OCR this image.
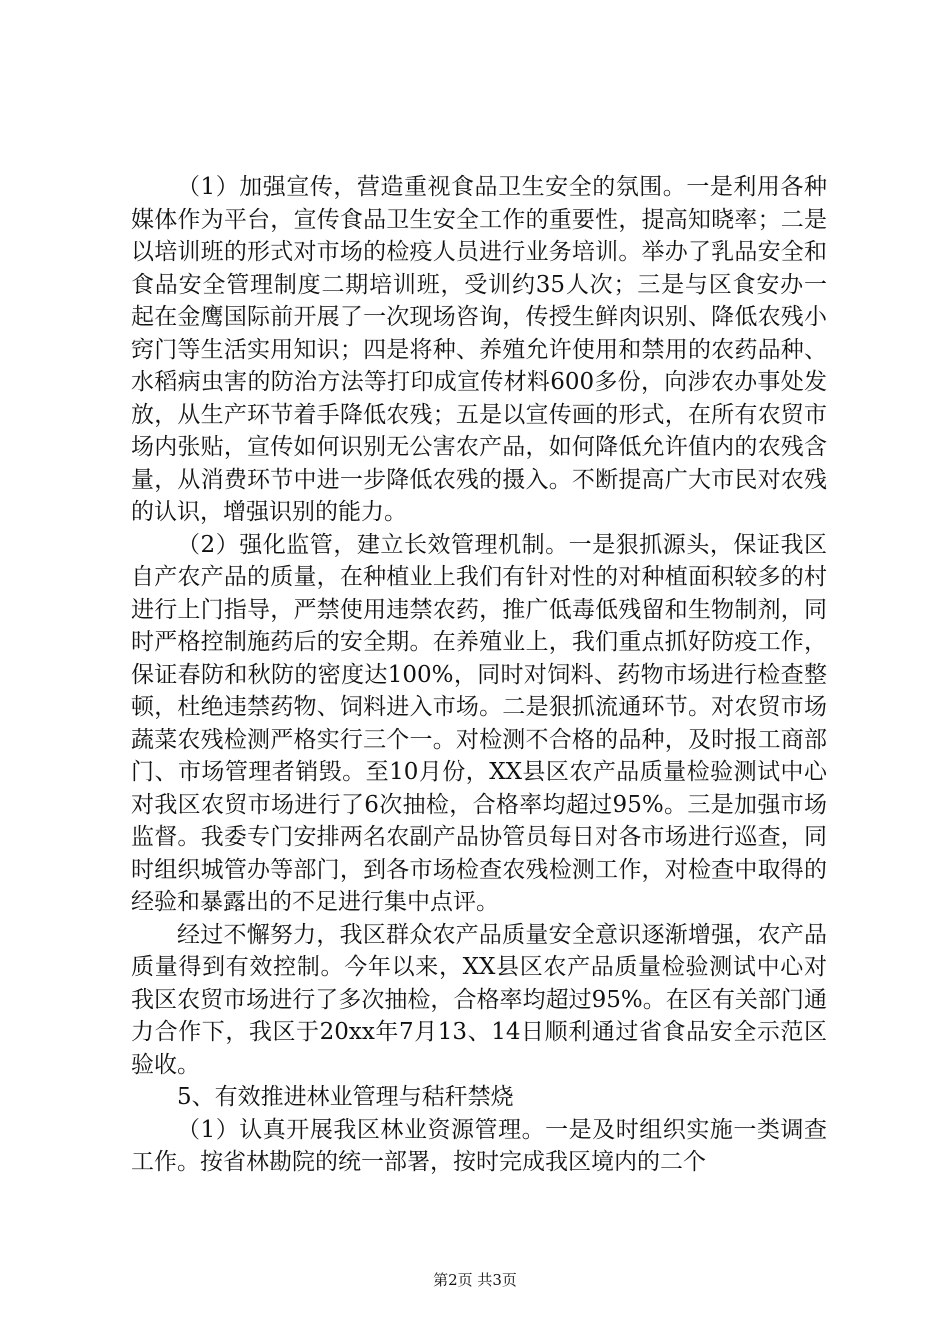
（1）加强宣传，营造重视食品卫生安全的氛围。一是利用各种媒体作为平台，宣传食品卫生安全工作的重要性，提高知晓率；二是以培训班的形式对市场的检疫人员进行业务培训。举办了乳品安全和食品安全管理制度二期培训班，受训约35人次；三是与区食安办一起在金鹰国际前开展了一次现场咨询，传授生鲜肉识别、降低农残小窍门等生活实用知识；四是将种、养殖允许使用和禁用的农药品种、水稻病虫害的防治方法等打印成宣传材料600多份，向涉农办事处发放，从生产环节着手降低农残；五是以宣传画的形式，在所有农贸市场内张贴，宣传如何识别无公害农产品，如何降低允许值内的农残含量，从消费环节中进一步降低农残的摄入。不断提高广大市民对农残的认识，增强识别的能力。

（2）强化监管，建立长效管理机制。一是狠抓源头，保证我区自产农产品的质量，在种植业上我们有针对性的对种植面积较多的村进行上门指导，严禁使用违禁农药，推广低毒低残留和生物制剂，同时严格控制施药后的安全期。在养殖业上，我们重点抓好防疫工作，保证春防和秋防的密度达100%，同时对饲料、药物市场进行检查整顿，杜绝违禁药物、饲料进入市场。二是狠抓流通环节。对农贸市场蔬菜农残检测严格实行三个一。对检测不合格的品种，及时报工商部门、市场管理者销毁。至10月份，XX县区农产品质量检验测试中心对我区农贸市场进行了6次抽检，合格率均超过95%。三是加强市场监督。我委专门安排两名农副产品协管员每日对各市场进行巡查，同时组织城管办等部门，到各市场检查农残检测工作，对检查中取得的经验和暴露出的不足进行集中点评。

经过不懈努力，我区群众农产品质量安全意识逐渐增强，农产品质量得到有效控制。今年以来，XX县区农产品质量检验测试中心对我区农贸市场进行了多次抽检，合格率均超过95%。在区有关部门通力合作下，我区于20xx年7月13、14日顺利通过省食品安全示范区验收。

5、有效推进林业管理与秸秆禁烧

（1）认真开展我区林业资源管理。一是及时组织实施一类调查工作。按省林勘院的统一部署，按时完成我区境内的二个

第2页 共3页
